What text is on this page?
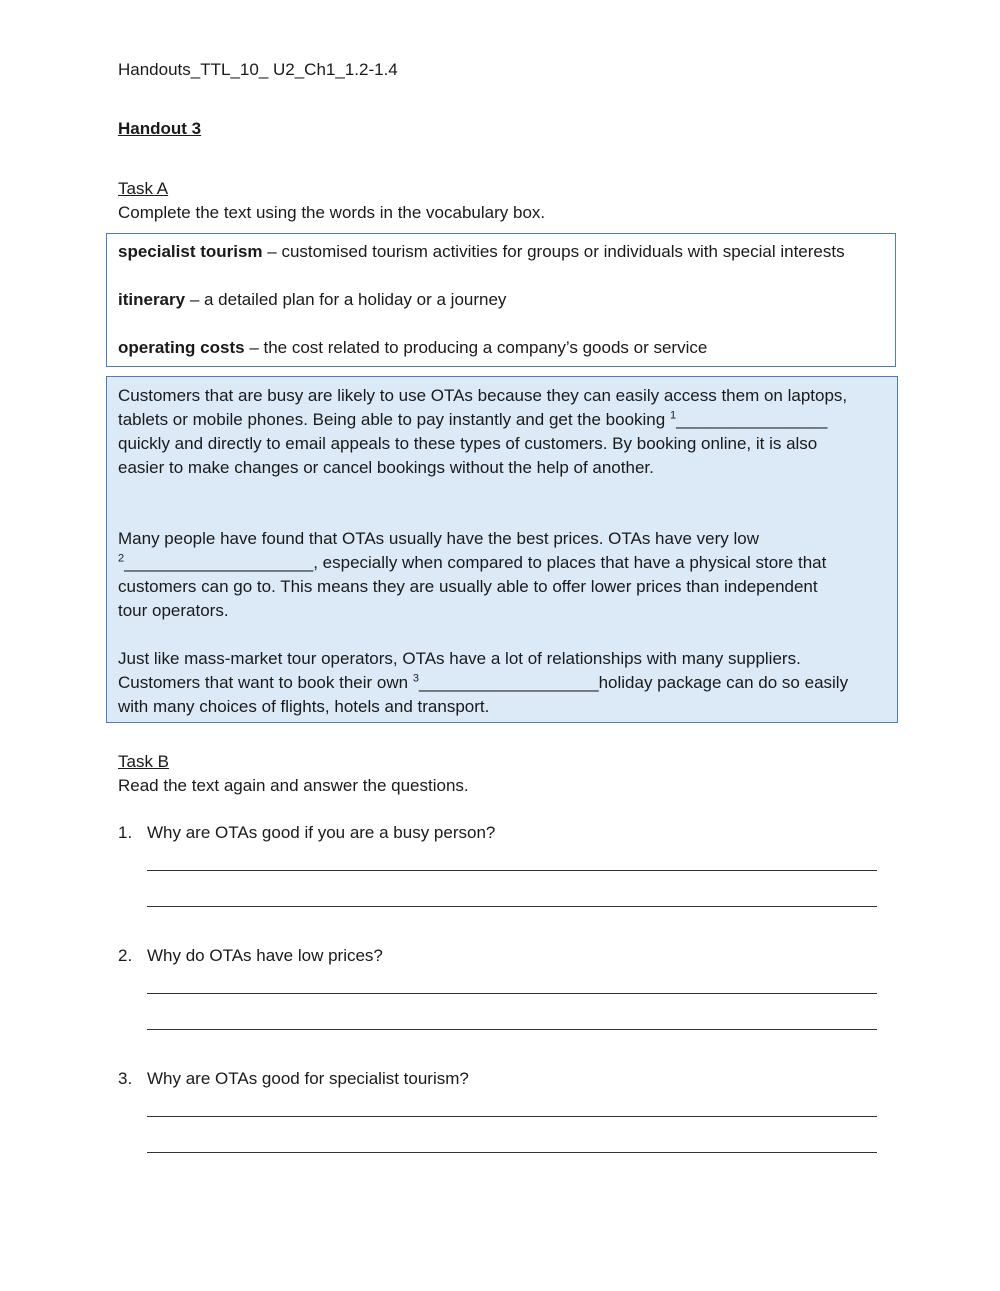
Handouts_TTL_10_ U2_Ch1_1.2-1.4
Handout 3
Task A
Complete the text using the words in the vocabulary box.
specialist tourism – customised tourism activities for groups or individuals with special interests
itinerary – a detailed plan for a holiday or a journey
operating costs – the cost related to producing a company’s goods or service
Customers that are busy are likely to use OTAs because they can easily access them on laptops,
tablets or mobile phones. Being able to pay instantly and get the booking $^1$________________
quickly and directly to email appeals to these types of customers. By booking online, it is also
easier to make changes or cancel bookings without the help of another.
Many people have found that OTAs usually have the best prices. OTAs have very low
$^2$____________________, especially when compared to places that have a physical store that
customers can go to. This means they are usually able to offer lower prices than independent
tour operators.
Just like mass-market tour operators, OTAs have a lot of relationships with many suppliers.
Customers that want to book their own $^3$___________________holiday package can do so easily
with many choices of flights, hotels and transport.
Task B
Read the text again and answer the questions.
1. Why are OTAs good if you are a busy person?
2. Why do OTAs have low prices?
3. Why are OTAs good for specialist tourism?
